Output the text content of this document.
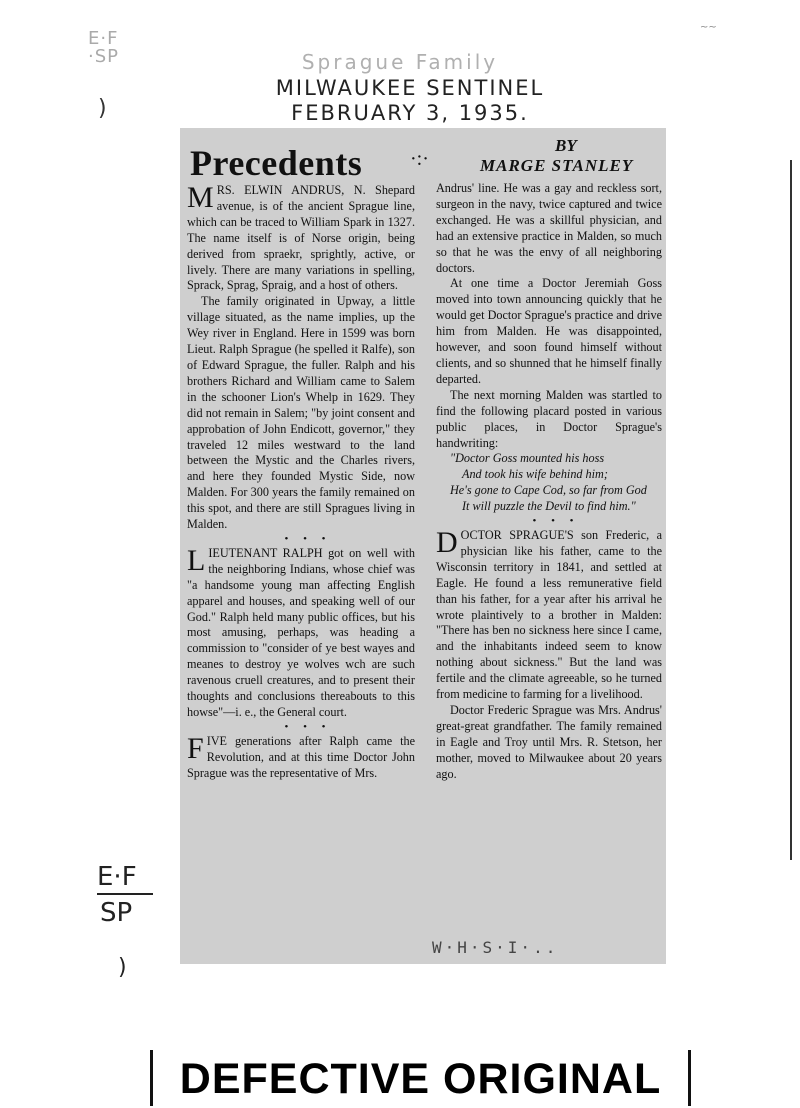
E·F
·SP
)
~~
Sprague Family
MILWAUKEE SENTINEL
FEBRUARY 3, 1935.
Precedents ·:·
BY
MARGE STANLEY

MRS. ELWIN ANDRUS, N. Shepard avenue, is of the ancient Sprague line, which can be traced to William Spark in 1327. The name itself is of Norse origin, being derived from spraekr, sprightly, active, or lively. There are many variations in spelling, Sprack, Sprag, Spraig, and a host of others.

The family originated in Upway, a little village situated, as the name implies, up the Wey river in England. Here in 1599 was born Lieut. Ralph Sprague (he spelled it Ralfe), son of Edward Sprague, the fuller. Ralph and his brothers Richard and William came to Salem in the schooner Lion's Whelp in 1629. They did not remain in Salem; "by joint consent and approbation of John Endicott, governor," they traveled 12 miles westward to the land between the Mystic and the Charles rivers, and here they founded Mystic Side, now Malden. For 300 years the family remained on this spot, and there are still Spragues living in Malden.

• • •

LIEUTENANT RALPH got on well with the neighboring Indians, whose chief was "a handsome young man affecting English apparel and houses, and speaking well of our God." Ralph held many public offices, but his most amusing, perhaps, was heading a commission to "consider of ye best wayes and meanes to destroy ye wolves wch are such ravenous cruell creatures, and to present their thoughts and conclusions thereabouts to this howse"—i. e., the General court.

• • •

FIVE generations after Ralph came the Revolution, and at this time Doctor John Sprague was the representative of Mrs.

Andrus' line. He was a gay and reckless sort, surgeon in the navy, twice captured and twice exchanged. He was a skillful physician, and had an extensive practice in Malden, so much so that he was the envy of all neighboring doctors.

At one time a Doctor Jeremiah Goss moved into town announcing quickly that he would get Doctor Sprague's practice and drive him from Malden. He was disappointed, however, and soon found himself without clients, and so shunned that he himself finally departed.

The next morning Malden was startled to find the following placard posted in various public places, in Doctor Sprague's handwriting:

"Doctor Goss mounted his hoss

And took his wife behind him;

He's gone to Cape Cod, so far from God

It will puzzle the Devil to find him."

• • •

DOCTOR SPRAGUE'S son Frederic, a physician like his father, came to the Wisconsin territory in 1841, and settled at Eagle. He found a less remunerative field than his father, for a year after his arrival he wrote plaintively to a brother in Malden: "There has ben no sickness here since I came, and the inhabitants indeed seem to know nothing about sickness." But the land was fertile and the climate agreeable, so he turned from medicine to farming for a livelihood.

Doctor Frederic Sprague was Mrs. Andrus' great-great grandfather. The family remained in Eagle and Troy until Mrs. R. Stetson, her mother, moved to Milwaukee about 20 years ago.

E·F
SP
)
W·H·S·I·..
DEFECTIVE ORIGINAL
